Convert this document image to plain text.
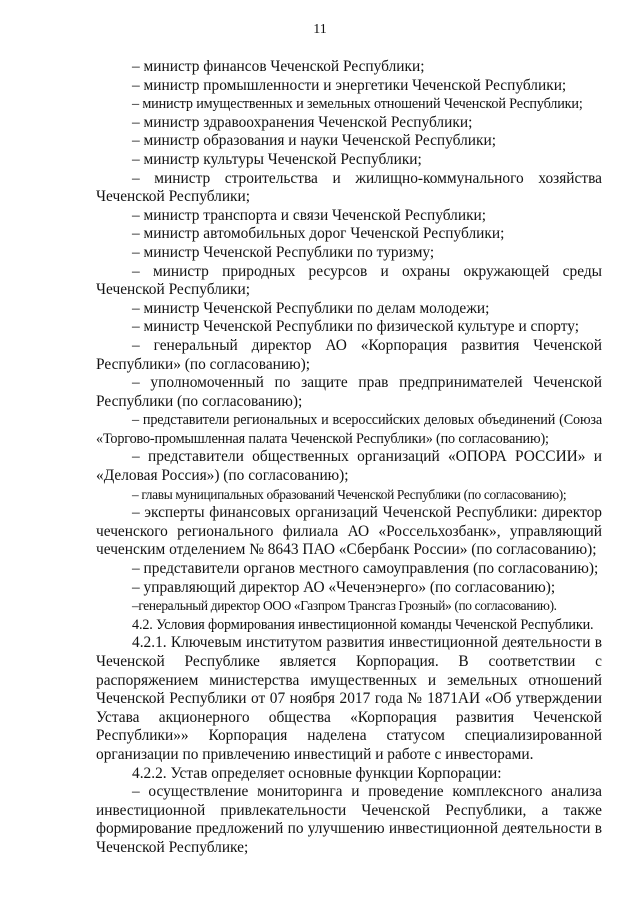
11

– министр финансов Чеченской Республики;

– министр промышленности и энергетики Чеченской Республики;

– министр имущественных и земельных отношений Чеченской Республики;

– министр здравоохранения Чеченской Республики;

– министр образования и науки Чеченской Республики;

– министр культуры Чеченской Республики;

– министр строительства и жилищно-коммунального хозяйства Чеченской Республики;

– министр транспорта и связи Чеченской Республики;

– министр автомобильных дорог Чеченской Республики;

– министр Чеченской Республики по туризму;

– министр природных ресурсов и охраны окружающей среды Чеченской Республики;

– министр Чеченской Республики по делам молодежи;

– министр Чеченской Республики по физической культуре и спорту;

– генеральный директор АО «Корпорация развития Чеченской Республики» (по согласованию);

– уполномоченный по защите прав предпринимателей Чеченской Республики (по согласованию);

– представители региональных и всероссийских деловых объединений (Союза «Торгово-промышленная палата Чеченской Республики» (по согласованию);

– представители общественных организаций «ОПОРА РОССИИ» и «Деловая Россия») (по согласованию);

– главы муниципальных образований Чеченской Республики (по согласованию);

– эксперты финансовых организаций Чеченской Республики: директор чеченского регионального филиала АО «Россельхозбанк», управляющий чеченским отделением № 8643 ПАО «Сбербанк России» (по согласованию);

– представители органов местного самоуправления (по согласованию);

– управляющий директор АО «Чеченэнерго» (по согласованию);

–генеральный директор ООО «Газпром Трансгаз Грозный» (по согласованию).

4.2. Условия формирования инвестиционной команды Чеченской Республики.

4.2.1. Ключевым институтом развития инвестиционной деятельности в Чеченской Республике является Корпорация. В соответствии с распоряжением министерства имущественных и земельных отношений Чеченской Республики от 07 ноября 2017 года № 1871АИ «Об утверждении Устава акционерного общества «Корпорация развития Чеченской Республики»» Корпорация наделена статусом специализированной организации по привлечению инвестиций и работе с инвесторами.

4.2.2. Устав определяет основные функции Корпорации:

– осуществление мониторинга и проведение комплексного анализа инвестиционной привлекательности Чеченской Республики, а также формирование предложений по улучшению инвестиционной деятельности в Чеченской Республике;
